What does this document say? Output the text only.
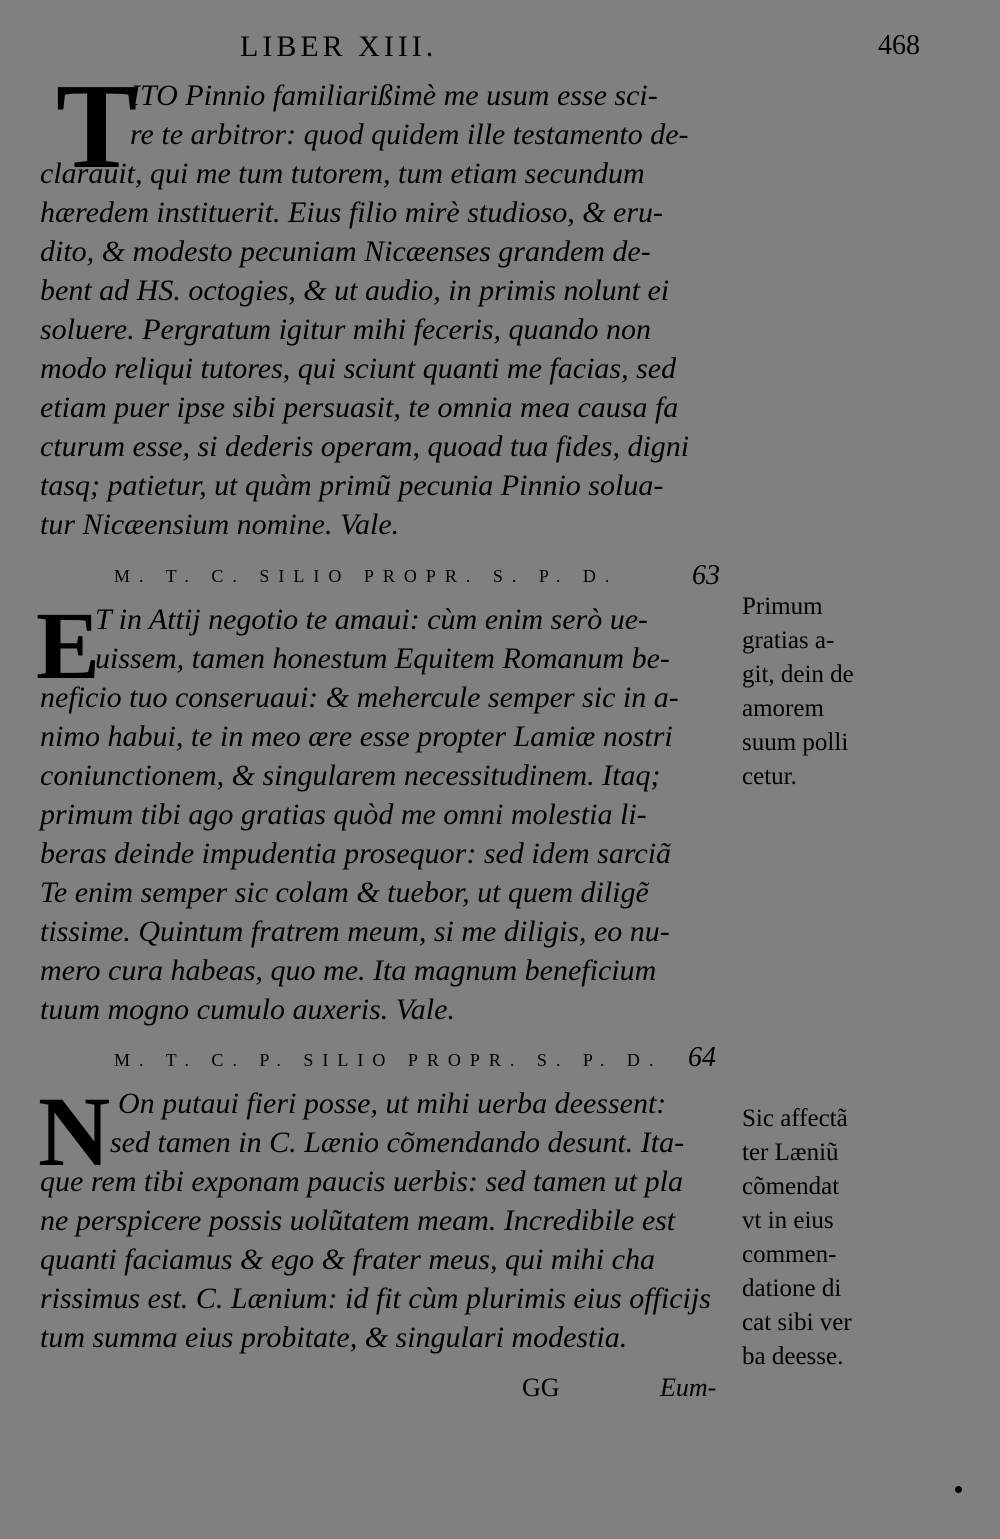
LIBER XIII.	468
T
ITO Pinnio familiarißimè me usum esse sci-
re te arbitror: quod quidem ille testamento de-
clarauit, qui me tum tutorem, tum etiam secundum
hæredem instituerit. Eius filio mirè studioso, & eru-
dito, & modesto pecuniam Nicæenses grandem de-
bent ad HS. octogies, & ut audio, in primis nolunt ei
soluere. Pergratum igitur mihi feceris, quando non
modo reliqui tutores, qui sciunt quanti me facias, sed
etiam puer ipse sibi persuasit, te omnia mea causa fa
cturum esse, si dederis operam, quoad tua fides, digni
tasq; patietur, ut quàm primũ pecunia Pinnio solua-
tur Nicæensium nomine. Vale.
M. T. C. SILIO PROPR. S. P. D.	63
E
T in Attij negotio te amaui: cùm enim serò ue-
uissem, tamen honestum Equitem Romanum be-
neficio tuo conseruaui: & mehercule semper sic in a-
nimo habui, te in meo ære esse propter Lamiæ nostri
coniunctionem, & singularem necessitudinem. Itaq;
primum tibi ago gratias quòd me omni molestia li-
beras deinde impudentia prosequor: sed idem sarciã
Te enim semper sic colam & tuebor, ut quem diligẽ
tissime. Quintum fratrem meum, si me diligis, eo nu-
mero cura habeas, quo me. Ita magnum beneficium
tuum mogno cumulo auxeris. Vale.
Primum
gratias a-
git, dein de
amorem
suum polli
cetur.
M. T. C. P. SILIO PROPR. S. P. D. 64
N On putaui fieri posse, ut mihi uerba deessent:
sed tamen in C. Lænio cõmendando desunt. Ita-
que rem tibi exponam paucis uerbis: sed tamen ut pla
ne perspicere possis uolũtatem meam. Incredibile est
quanti faciamus & ego & frater meus, qui mihi cha
rissimus est. C. Lænium: id fit cùm plurimis eius officijs
tum summa eius probitate, & singulari modestia.
Sic affectã
ter Læniũ
cõmendat
vt in eius
commen-
datione di
cat sibi ver
ba deesse.
GG	Eum-
